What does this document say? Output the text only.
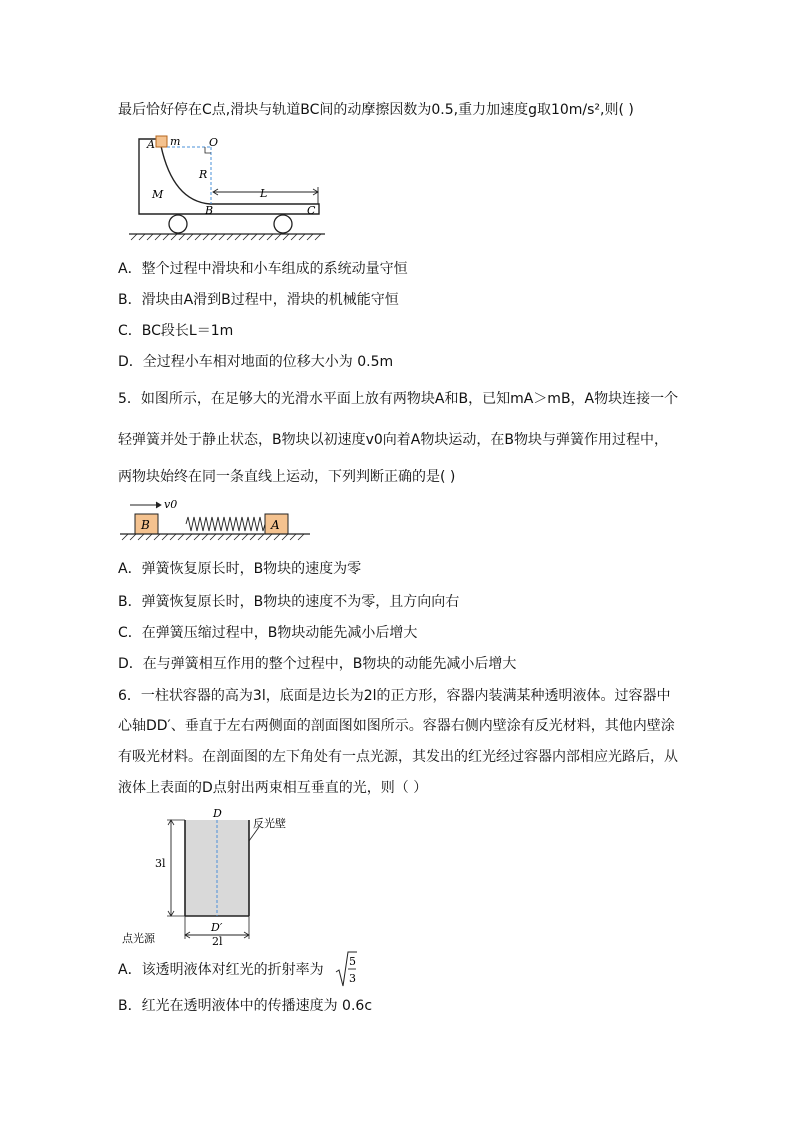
最后恰好停在C点,滑块与轨道BC间的动摩擦因数为0.5,重力加速度g取10m/s²,则( )
A m	O
R
M	L
B	C
A．整个过程中滑块和小车组成的系统动量守恒
B．滑块由A滑到B过程中，滑块的机械能守恒
C．BC段长L＝1m
D．全过程小车相对地面的位移大小为 0.5m
5．如图所示，在足够大的光滑水平面上放有两物块A和B，已知mA＞mB，A物块连接一个
轻弹簧并处于静止状态，B物块以初速度v0向着A物块运动，在B物块与弹簧作用过程中，
两物块始终在同一条直线上运动，下列判断正确的是( )
B	A
v0
A．弹簧恢复原长时，B物块的速度为零
B．弹簧恢复原长时，B物块的速度不为零，且方向向右
C．在弹簧压缩过程中，B物块动能先减小后增大
D．在与弹簧相互作用的整个过程中，B物块的动能先减小后增大
6．一柱状容器的高为3l，底面是边长为2l的正方形，容器内装满某种透明液体。过容器中
心轴DD′、垂直于左右两侧面的剖面图如图所示。容器右侧内壁涂有反光材料，其他内壁涂
有吸光材料。在剖面图的左下角处有一点光源，其发出的红光经过容器内部相应光路后，从
液体上表面的D点射出两束相互垂直的光，则（ ）
D
反光壁
3l
D′
点光源	2l
A．该透明液体对红光的折射率为
5
3
B．红光在透明液体中的传播速度为 0.6c
